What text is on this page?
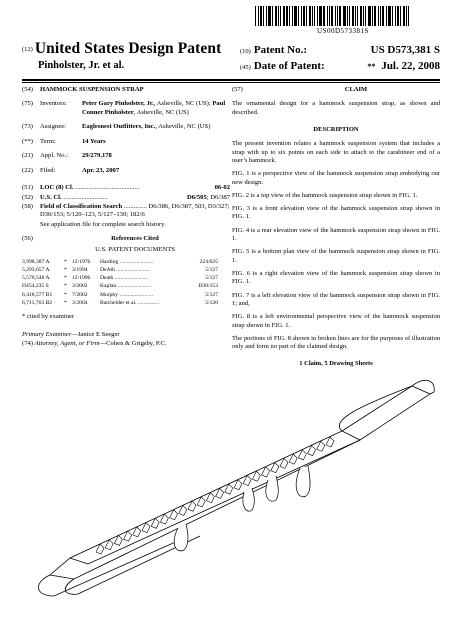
US00D573381S
(12) United States Design Patent
Pinholster, Jr. et al.
(10) Patent No.:	US D573,381 S
(45) Date of Patent:	** Jul. 22, 2008
(54)	HAMMOCK SUSPENSION STRAP
(75)	Inventors:	Peter Gary Pinholster, Jr., Asheville, NC (US); Paul Conner Pinholster, Asheville, NC (US)
(73)	Assignee:	Eaglesnest Outfitters, Inc., Asheville, NC (US)
(**)	Term:	14 Years
(21)	Appl. No.:	29/279,178
(22)	Filed:	Apr. 23, 2007
(51)	LOC (8) Cl. .......................................	06-02
(52)	U.S. Cl. ...........................	D6/505; D6/387
(58)	Field of Classification Search .............. D6/386, D6/387, 503, D3/327; D30/153; 5/120–123, 5/127–130; 182/6
See application file for complete search history.
(56)	References Cited
U.S. PATENT DOCUMENTS
3,998,387 A	* 12/1976	Harding ........................	224/625
5,293,657 A	* 3/1994	DeAth ........................	5/127
5,570,548 A	* 12/1996	Death ........................	5/127
D454,235 S	* 3/2002	Kaplan ........................	D30/153
6,418,577 B1	* 7/2002	Murphy ........................	5/127
6,711,763 B2	* 3/2004	Batchelder et al. ...............	5/120
* cited by examiner
Primary Examiner—Janice E Seeger
(74) Attorney, Agent, or Firm—Cohen & Grigsby, P.C.
(57)	CLAIM

The ornamental design for a hammock suspension strap, as shown and described.

DESCRIPTION

The present invention relates a hammock suspension system that includes a strap with up to six points on each side to attach to the carabineer end of a user’s hammock.

FIG. 1 is a perspective view of the hammock suspension strap embodying our new design.

FIG. 2 is a top view of the hammock suspension strap shown in FIG. 1.

FIG. 3 is a front elevation view of the hammock suspension strap shown in FIG. 1.

FIG. 4 is a rear elevation view of the hammock suspension strap shown in FIG. 1.

FIG. 5 is a bottom plan view of the hammock suspension strap shown in FIG. 1.

FIG. 6 is a right elevation view of the hammock suspension strap shown in FIG. 1.

FIG. 7 is a left elevation view of the hammock suspension strap shown in FIG. 1; and,

FIG. 8 is a left environmental perspective view of the hammock suspension strap shown in FIG. 1.

The portions of FIG. 8 shown in broken lines are for the purposes of illustration only and form no part of the claimed design.

1 Claim, 5 Drawing Sheets
